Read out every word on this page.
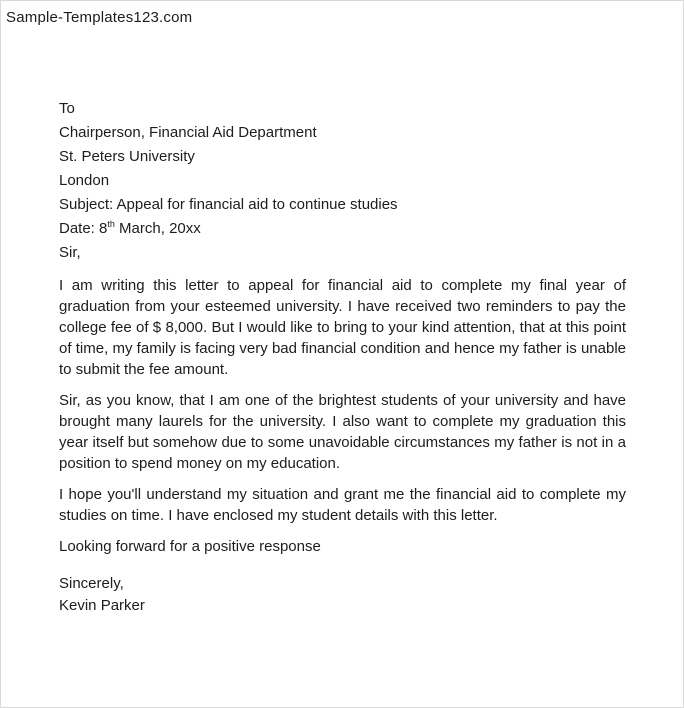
Sample-Templates123.com
To
Chairperson, Financial Aid Department
St. Peters University
London
Subject: Appeal for financial aid to continue studies
Date: 8th March, 20xx
Sir,

I am writing this letter to appeal for financial aid to complete my final year of graduation from your esteemed university. I have received two reminders to pay the college fee of $ 8,000. But I would like to bring to your kind attention, that at this point of time, my family is facing very bad financial condition and hence my father is unable to submit the fee amount.

Sir, as you know, that I am one of the brightest students of your university and have brought many laurels for the university. I also want to complete my graduation this year itself but somehow due to some unavoidable circumstances my father is not in a position to spend money on my education.

I hope you'll understand my situation and grant me the financial aid to complete my studies on time. I have enclosed my student details with this letter.

Looking forward for a positive response
Sincerely,
Kevin Parker
